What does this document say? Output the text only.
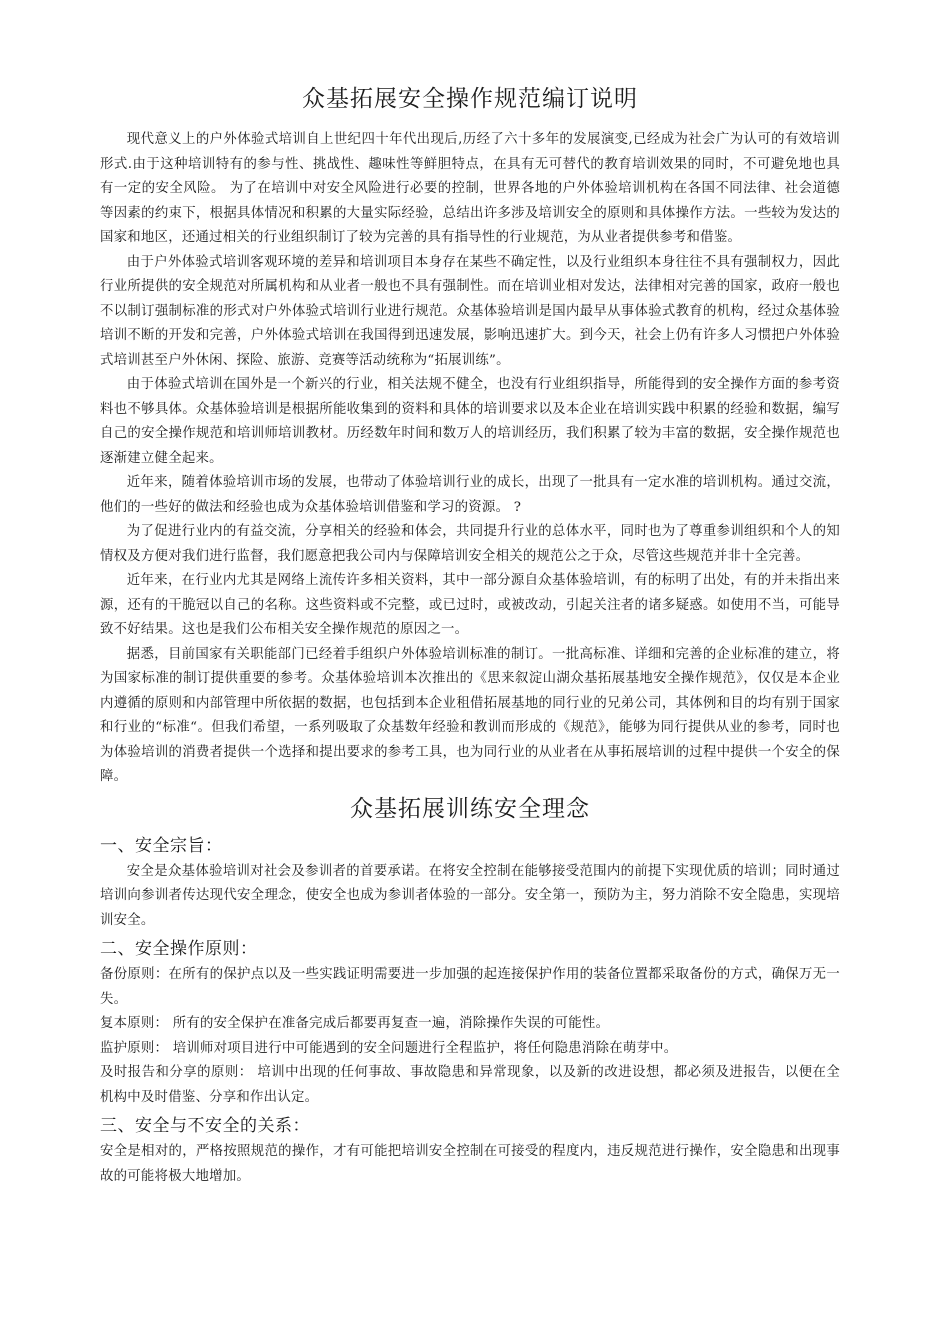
众基拓展安全操作规范编订说明

现代意义上的户外体验式培训自上世纪四十年代出现后,历经了六十多年的发展演变,已经成为社会广为认可的有效培训形式.由于这种培训特有的参与性、挑战性、趣味性等鲜胆特点，在具有无可替代的教育培训效果的同时，不可避免地也具有一定的安全风险。 为了在培训中对安全风险进行必要的控制，世界各地的户外体验培训机构在各国不同法律、社会道德等因素的约束下，根据具体情况和积累的大量实际经验，总结出许多涉及培训安全的原则和具体操作方法。一些较为发达的国家和地区，还通过相关的行业组织制订了较为完善的具有指导性的行业规范，为从业者提供参考和借鉴。

由于户外体验式培训客观环境的差异和培训项目本身存在某些不确定性，以及行业组织本身往往不具有强制权力，因此行业所提供的安全规范对所属机构和从业者一般也不具有强制性。而在培训业相对发达，法律相对完善的国家，政府一般也不以制订强制标准的形式对户外体验式培训行业进行规范。众基体验培训是国内最早从事体验式教育的机构，经过众基体验培训不断的开发和完善，户外体验式培训在我国得到迅速发展，影响迅速扩大。到今天，社会上仍有许多人习惯把户外体验式培训甚至户外休闲、探险、旅游、竞赛等活动统称为“拓展训练”。

由于体验式培训在国外是一个新兴的行业，相关法规不健全，也没有行业组织指导，所能得到的安全操作方面的参考资料也不够具体。众基体验培训是根据所能收集到的资料和具体的培训要求以及本企业在培训实践中积累的经验和数据，编写自己的安全操作规范和培训师培训教材。历经数年时间和数万人的培训经历，我们积累了较为丰富的数据，安全操作规范也逐渐建立健全起来。

近年来，随着体验培训市场的发展，也带动了体验培训行业的成长，出现了一批具有一定水准的培训机构。通过交流，他们的一些好的做法和经验也成为众基体验培训借鉴和学习的资源。 ?

为了促进行业内的有益交流，分享相关的经验和体会，共同提升行业的总体水平，同时也为了尊重参训组织和个人的知情权及方便对我们进行监督，我们愿意把我公司内与保障培训安全相关的规范公之于众，尽管这些规范并非十全完善。

近年来，在行业内尤其是网络上流传许多相关资料，其中一部分源自众基体验培训，有的标明了出处，有的并未指出来源，还有的干脆冠以自己的名称。这些资料或不完整，或已过时，或被改动，引起关注者的诸多疑惑。如使用不当，可能导致不好结果。这也是我们公布相关安全操作规范的原因之一。

据悉，目前国家有关职能部门已经着手组织户外体验培训标准的制订。一批高标准、详细和完善的企业标准的建立，将为国家标准的制订提供重要的参考。众基体验培训本次推出的《思来叙淀山湖众基拓展基地安全操作规范》，仅仅是本企业内遵循的原则和内部管理中所依据的数据，也包括到本企业租借拓展基地的同行业的兄弟公司，其体例和目的均有别于国家和行业的“标准“。但我们希望，一系列吸取了众基数年经验和教训而形成的《规范》，能够为同行提供从业的参考，同时也为体验培训的消费者提供一个选择和提出要求的参考工具，也为同行业的从业者在从事拓展培训的过程中提供一个安全的保障。

众基拓展训练安全理念
一、安全宗旨：

安全是众基体验培训对社会及参训者的首要承诺。在将安全控制在能够接受范围内的前提下实现优质的培训；同时通过培训向参训者传达现代安全理念，使安全也成为参训者体验的一部分。安全第一，预防为主，努力消除不安全隐患，实现培训安全。

二、安全操作原则：

备份原则：在所有的保护点以及一些实践证明需要进一步加强的起连接保护作用的装备位置都采取备份的方式，确保万无一失。

复本原则： 所有的安全保护在准备完成后都要再复查一遍，消除操作失误的可能性。

监护原则： 培训师对项目进行中可能遇到的安全问题进行全程监护，将任何隐患消除在萌芽中。

及时报告和分享的原则： 培训中出现的任何事故、事故隐患和异常现象，以及新的改进设想，都必须及进报告，以便在全机构中及时借鉴、分享和作出认定。

三、安全与不安全的关系：

安全是相对的，严格按照规范的操作，才有可能把培训安全控制在可接受的程度内，违反规范进行操作，安全隐患和出现事故的可能将极大地增加。
